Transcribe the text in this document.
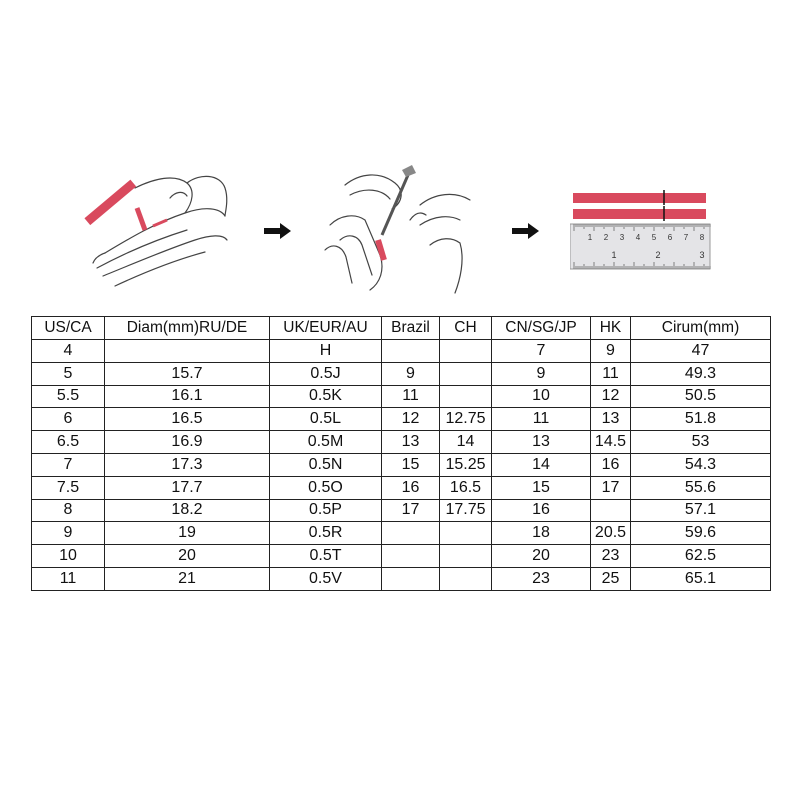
1 2 3 4 5 6 7 8
1	2	3
US/CA	Diam(mm)RU/DE	UK/EUR/AU	Brazil	CH	CN/SG/JP	HK	Cirum(mm)
4		H			7	9	47
5	15.7	0.5J	9		9	11	49.3
5.5	16.1	0.5K	11		10	12	50.5
6	16.5	0.5L	12	12.75	11	13	51.8
6.5	16.9	0.5M	13	14	13	14.5	53
7	17.3	0.5N	15	15.25	14	16	54.3
7.5	17.7	0.5O	16	16.5	15	17	55.6
8	18.2	0.5P	17	17.75	16		57.1
9	19	0.5R			18	20.5	59.6
10	20	0.5T			20	23	62.5
11	21	0.5V			23	25	65.1
